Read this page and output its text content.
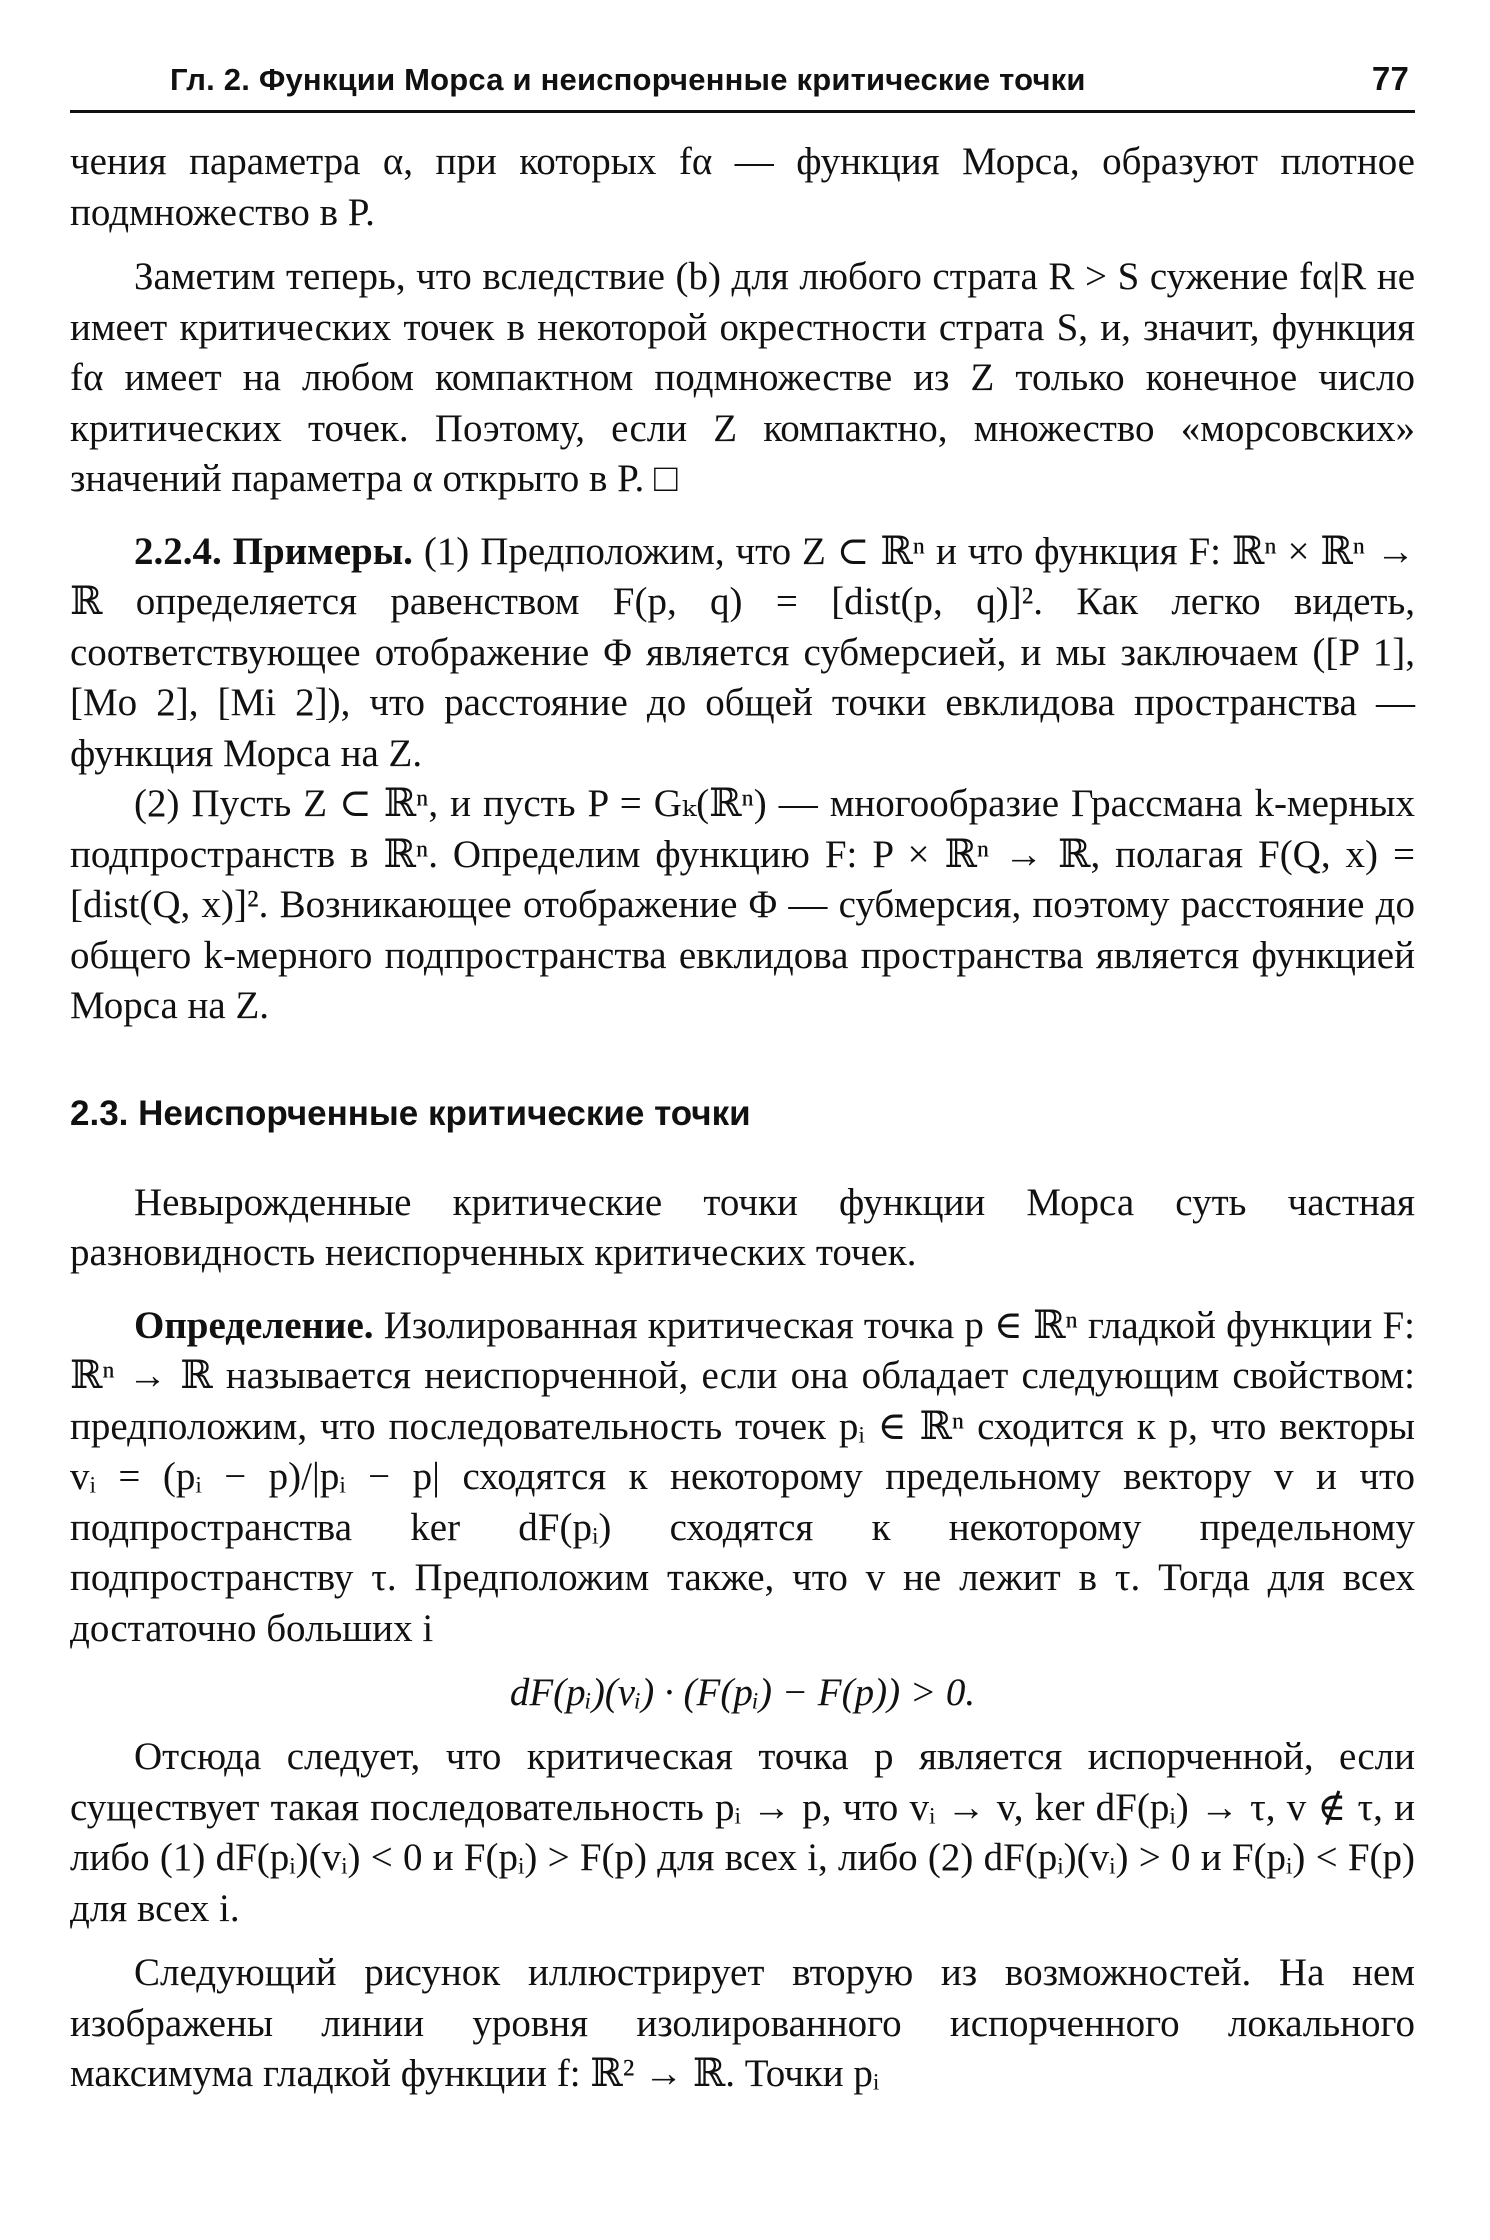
Гл. 2. Функции Морса и неиспорченные критические точки	77

чения параметра α, при которых fα — функция Морса, образуют плотное подмножество в P.

Заметим теперь, что вследствие (b) для любого страта R > S сужение fα|R не имеет критических точек в некоторой окрестности страта S, и, значит, функция fα имеет на любом компактном подмножестве из Z только конечное число критических точек. Поэтому, если Z компактно, множество «морсовских» значений параметра α открыто в P. □

2.2.4. Примеры. (1) Предположим, что Z ⊂ ℝⁿ и что функция F: ℝⁿ × ℝⁿ → ℝ определяется равенством F(p, q) = [dist(p, q)]². Как легко видеть, соответствующее отображение Φ является субмерсией, и мы заключаем ([P 1], [Mo 2], [Mi 2]), что расстояние до общей точки евклидова пространства — функция Морса на Z.

(2) Пусть Z ⊂ ℝⁿ, и пусть P = Gₖ(ℝⁿ) — многообразие Грассмана k-мерных подпространств в ℝⁿ. Определим функцию F: P × ℝⁿ → ℝ, полагая F(Q, x) = [dist(Q, x)]². Возникающее отображение Φ — субмерсия, поэтому расстояние до общего k-мерного подпространства евклидова пространства является функцией Морса на Z.

2.3. Неиспорченные критические точки

Невырожденные критические точки функции Морса суть частная разновидность неиспорченных критических точек.

Определение. Изолированная критическая точка p ∈ ℝⁿ гладкой функции F: ℝⁿ → ℝ называется неиспорченной, если она обладает следующим свойством: предположим, что последовательность точек pᵢ ∈ ℝⁿ сходится к p, что векторы vᵢ = (pᵢ − p)/|pᵢ − p| сходятся к некоторому предельному вектору v и что подпространства ker dF(pᵢ) сходятся к некоторому предельному подпространству τ. Предположим также, что v не лежит в τ. Тогда для всех достаточно больших i

dF(pᵢ)(vᵢ) · (F(pᵢ) − F(p)) > 0.

Отсюда следует, что критическая точка p является испорченной, если существует такая последовательность pᵢ → p, что vᵢ → v, ker dF(pᵢ) → τ, v ∉ τ, и либо (1) dF(pᵢ)(vᵢ) < 0 и F(pᵢ) > F(p) для всех i, либо (2) dF(pᵢ)(vᵢ) > 0 и F(pᵢ) < F(p) для всех i.

Следующий рисунок иллюстрирует вторую из возможностей. На нем изображены линии уровня изолированного испорченного локального максимума гладкой функции f: ℝ² → ℝ. Точки pᵢ
